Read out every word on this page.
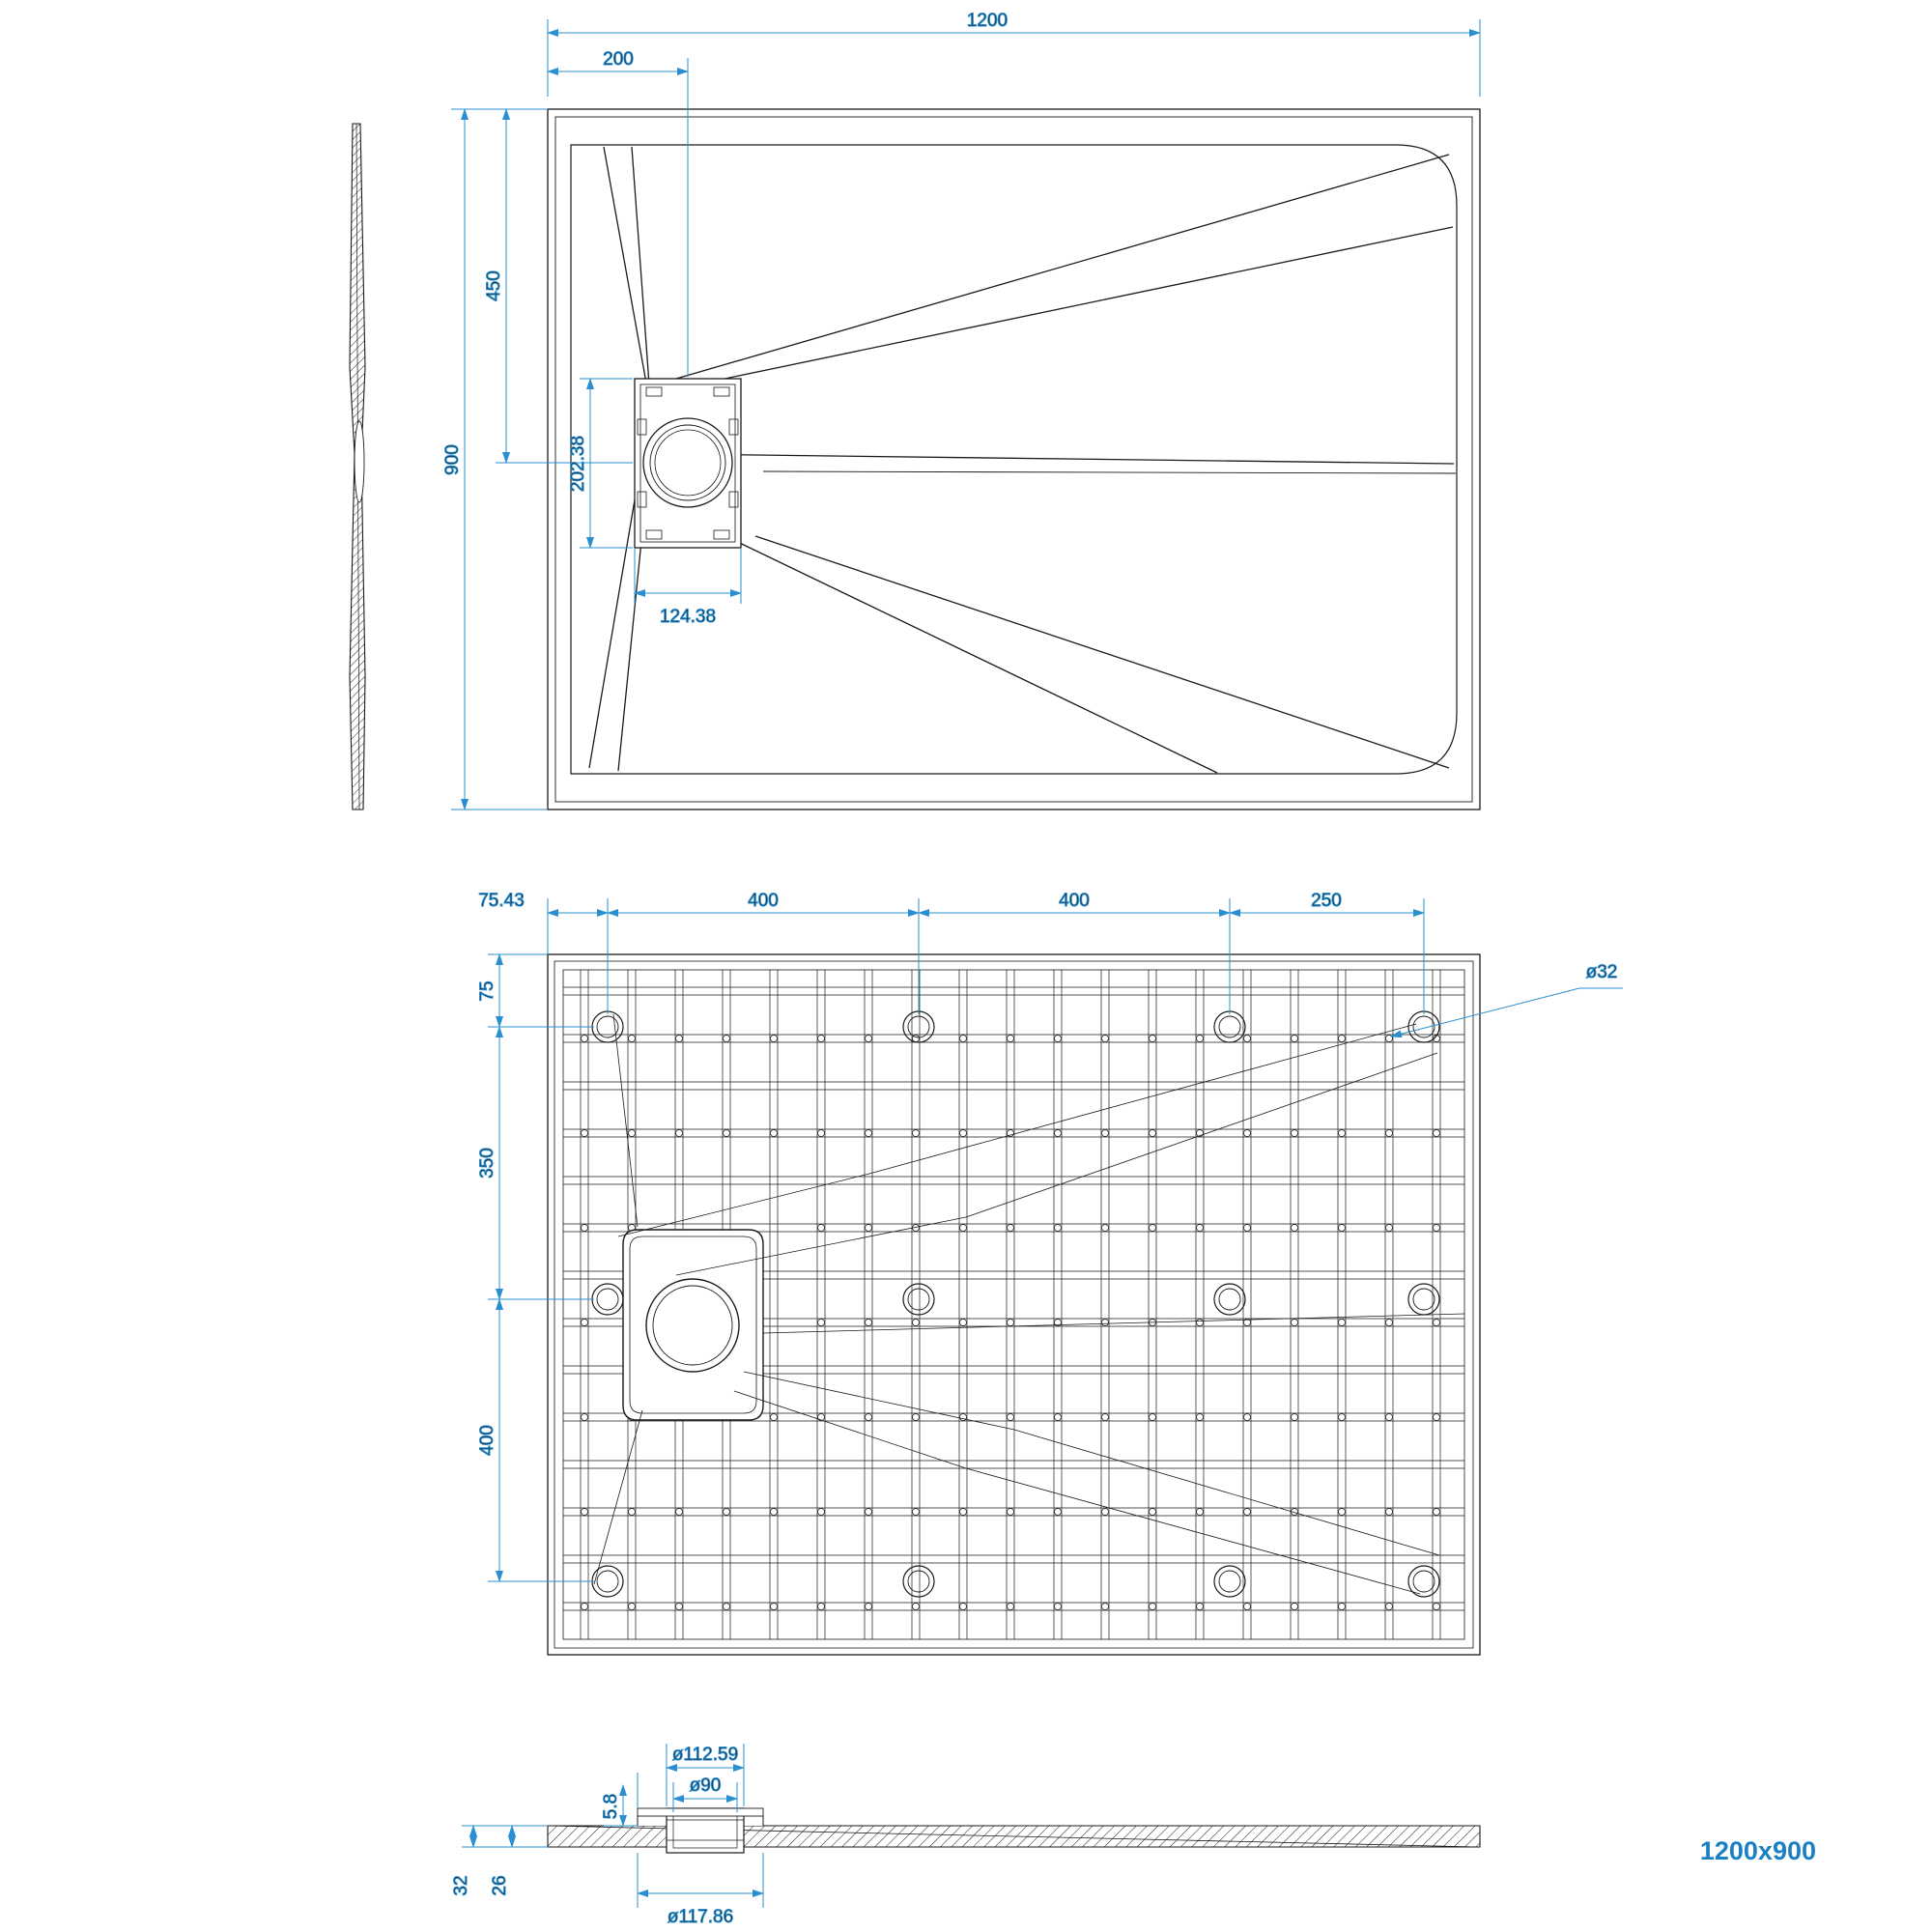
1200
200
900
450
202.38
124.38
75.43	400	400	250
75
350
400
ø32
5.8
ø112.59
ø90
ø117.86
32 26
1200x900
